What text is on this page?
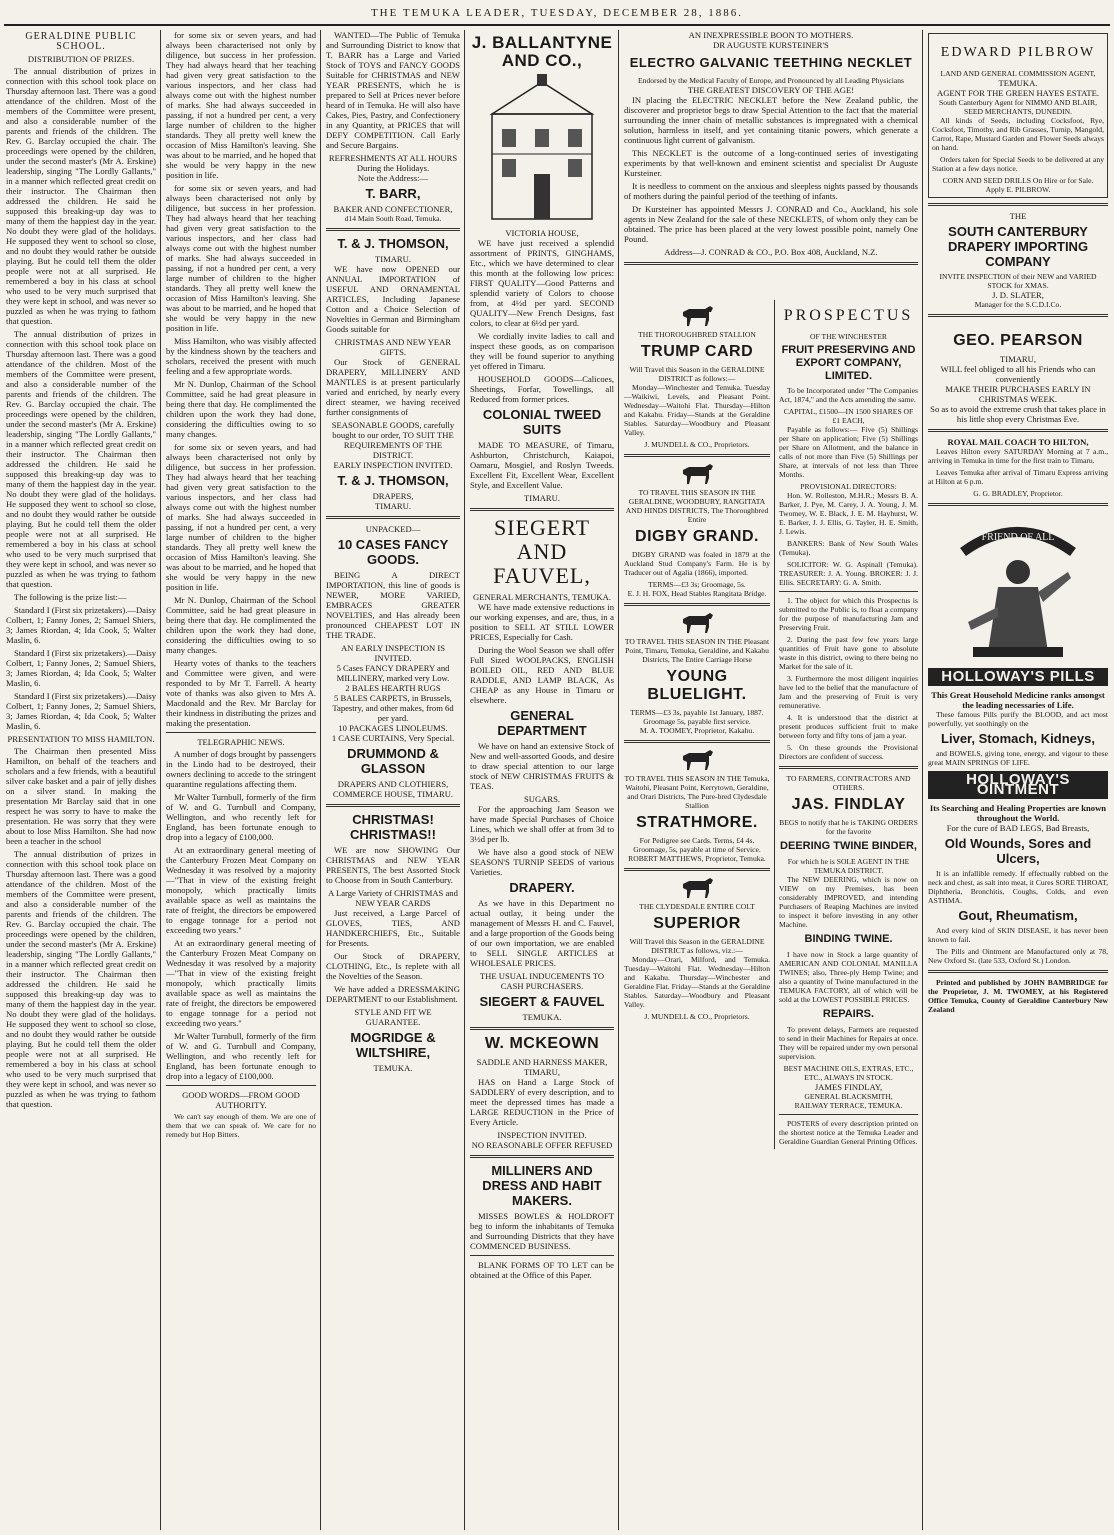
THE TEMUKA LEADER, TUESDAY, DECEMBER 28, 1886.
GERALDINE PUBLIC SCHOOL.
DISTRIBUTION OF PRIZES.

The annual distribution of prizes in connection with this school took place on Thursday afternoon last. There was a good attendance of the children. Most of the members of the Committee were present, and also a considerable number of the parents and friends of the children. The Rev. G. Barclay occupied the chair. The proceedings were opened by the children, under the second master's (Mr A. Erskine) leadership, singing "The Lordly Gallants," in a manner which reflected great credit on their instructor. The Chairman then addressed the children. He said he supposed this breaking-up day was to many of them the happiest day in the year. No doubt they were glad of the holidays. He supposed they went to school so close, and no doubt they would rather be outside playing. But he could tell them the older people were not at all surprised. He remembered a boy in his class at school who used to be very much surprised that they were kept in school, and was never so puzzled as when he was trying to fathom that question.

The annual distribution of prizes in connection with this school took place on Thursday afternoon last. There was a good attendance of the children. Most of the members of the Committee were present, and also a considerable number of the parents and friends of the children. The Rev. G. Barclay occupied the chair. The proceedings were opened by the children, under the second master's (Mr A. Erskine) leadership, singing "The Lordly Gallants," in a manner which reflected great credit on their instructor. The Chairman then addressed the children. He said he supposed this breaking-up day was to many of them the happiest day in the year. No doubt they were glad of the holidays. He supposed they went to school so close, and no doubt they would rather be outside playing. But he could tell them the older people were not at all surprised. He remembered a boy in his class at school who used to be very much surprised that they were kept in school, and was never so puzzled as when he was trying to fathom that question.

The following is the prize list:—

Standard I (First six prizetakers).—Daisy Colbert, 1; Fanny Jones, 2; Samuel Shiers, 3; James Riordan, 4; Ida Cook, 5; Walter Maslin, 6.

Standard I (First six prizetakers).—Daisy Colbert, 1; Fanny Jones, 2; Samuel Shiers, 3; James Riordan, 4; Ida Cook, 5; Walter Maslin, 6.

Standard I (First six prizetakers).—Daisy Colbert, 1; Fanny Jones, 2; Samuel Shiers, 3; James Riordan, 4; Ida Cook, 5; Walter Maslin, 6.

PRESENTATION TO MISS HAMILTON.

The Chairman then presented Miss Hamilton, on behalf of the teachers and scholars and a few friends, with a beautiful silver cake basket and a pair of jelly dishes on a silver stand. In making the presentation Mr Barclay said that in one respect he was sorry to have to make the presentation. He was sorry that they were about to lose Miss Hamilton. She had now been a teacher in the school

The annual distribution of prizes in connection with this school took place on Thursday afternoon last. There was a good attendance of the children. Most of the members of the Committee were present, and also a considerable number of the parents and friends of the children. The Rev. G. Barclay occupied the chair. The proceedings were opened by the children, under the second master's (Mr A. Erskine) leadership, singing "The Lordly Gallants," in a manner which reflected great credit on their instructor. The Chairman then addressed the children. He said he supposed this breaking-up day was to many of them the happiest day in the year. No doubt they were glad of the holidays. He supposed they went to school so close, and no doubt they would rather be outside playing. But he could tell them the older people were not at all surprised. He remembered a boy in his class at school who used to be very much surprised that they were kept in school, and was never so puzzled as when he was trying to fathom that question.

for some six or seven years, and had always been characterised not only by diligence, but success in her profession. They had always heard that her teaching had given very great satisfaction to the various inspectors, and her class had always come out with the highest number of marks. She had always succeeded in passing, if not a hundred per cent, a very large number of children to the higher standards. They all pretty well knew the occasion of Miss Hamilton's leaving. She was about to be married, and he hoped that she would be very happy in the new position in life.

for some six or seven years, and had always been characterised not only by diligence, but success in her profession. They had always heard that her teaching had given very great satisfaction to the various inspectors, and her class had always come out with the highest number of marks. She had always succeeded in passing, if not a hundred per cent, a very large number of children to the higher standards. They all pretty well knew the occasion of Miss Hamilton's leaving. She was about to be married, and he hoped that she would be very happy in the new position in life.

Miss Hamilton, who was visibly affected by the kindness shown by the teachers and scholars, received the present with much feeling and a few appropriate words.

Mr N. Dunlop, Chairman of the School Committee, said he had great pleasure in being there that day. He complimented the children upon the work they had done, considering the difficulties owing to so many changes.

for some six or seven years, and had always been characterised not only by diligence, but success in her profession. They had always heard that her teaching had given very great satisfaction to the various inspectors, and her class had always come out with the highest number of marks. She had always succeeded in passing, if not a hundred per cent, a very large number of children to the higher standards. They all pretty well knew the occasion of Miss Hamilton's leaving. She was about to be married, and he hoped that she would be very happy in the new position in life.

Mr N. Dunlop, Chairman of the School Committee, said he had great pleasure in being there that day. He complimented the children upon the work they had done, considering the difficulties owing to so many changes.

Hearty votes of thanks to the teachers and Committee were given, and were responded to by Mr T. Farrell. A hearty vote of thanks was also given to Mrs A. Macdonald and the Rev. Mr Barclay for their kindness in distributing the prizes and making the presentation.

TELEGRAPHIC NEWS.

A number of dogs brought by passengers in the Lindo had to be destroyed, their owners declining to accede to the stringent quarantine regulations affecting them.

Mr Walter Turnbull, formerly of the firm of W. and G. Turnbull and Company, Wellington, and who recently left for England, has been fortunate enough to drop into a legacy of £100,000.

At an extraordinary general meeting of the Canterbury Frozen Meat Company on Wednesday it was resolved by a majority—"That in view of the existing freight monopoly, which practically limits available space as well as maintains the rate of freight, the directors be empowered to engage tonnage for a period not exceeding two years."

At an extraordinary general meeting of the Canterbury Frozen Meat Company on Wednesday it was resolved by a majority—"That in view of the existing freight monopoly, which practically limits available space as well as maintains the rate of freight, the directors be empowered to engage tonnage for a period not exceeding two years."

Mr Walter Turnbull, formerly of the firm of W. and G. Turnbull and Company, Wellington, and who recently left for England, has been fortunate enough to drop into a legacy of £100,000.

GOOD WORDS—FROM GOOD AUTHORITY.

We can't say enough of them. We are one of them that we can speak of. We care for no remedy but Hop Bitters.

WANTED—The Public of Temuka and Surrounding District to know that T. BARR has a Large and Varied Stock of TOYS and FANCY GOODS Suitable for CHRISTMAS and NEW YEAR PRESENTS, which he is prepared to Sell at Prices never before heard of in Temuka. He will also have Cakes, Pies, Pastry, and Confectionery in any Quantity, at PRICES that will DEFY COMPETITION. Call Early and Secure Bargains.

REFRESHMENTS AT ALL HOURS During the Holidays.
Note the Address:—
T. BARR,
BAKER AND CONFECTIONER,
d14 Main South Road, Temuka.
T. & J. THOMSON,
TIMARU.

WE have now OPENED our ANNUAL IMPORTATION of USEFUL AND ORNAMENTAL ARTICLES, Including Japanese Cotton and a Choice Selection of Novelties in German and Birmingham Goods suitable for

CHRISTMAS AND NEW YEAR GIFTS.

Our Stock of GENERAL DRAPERY, MILLINERY AND MANTLES is at present particularly varied and enriched, by nearly every direct steamer, we having received further consignments of

SEASONABLE GOODS, carefully bought to our order, TO SUIT THE REQUIREMENTS OF THE DISTRICT.
EARLY INSPECTION INVITED.
T. & J. THOMSON,
DRAPERS,
TIMARU.
UNPACKED—
10 CASES FANCY GOODS.

BEING A DIRECT IMPORTATION, this line of goods is NEWER, MORE VARIED, EMBRACES GREATER NOVELTIES, and Has already been pronounced CHEAPEST LOT IN THE TRADE.

AN EARLY INSPECTION IS INVITED.
5 Cases FANCY DRAPERY and MILLINERY, marked very Low.
2 BALES HEARTH RUGS
5 BALES CARPETS, in Brussels, Tapestry, and other makes, from 6d per yard.
10 PACKAGES LINOLEUMS.
1 CASE CURTAINS, Very Special.
DRUMMOND & GLASSON
DRAPERS AND CLOTHIERS,
COMMERCE HOUSE, TIMARU.
CHRISTMAS! CHRISTMAS!!

WE are now SHOWING Our CHRISTMAS and NEW YEAR PRESENTS, The best Assorted Stock to Choose from in South Canterbury.

A Large Variety of CHRISTMAS and NEW YEAR CARDS

Just received, a Large Parcel of GLOVES, TIES, AND HANDKERCHIEFS, Etc., Suitable for Presents.

Our Stock of DRAPERY, CLOTHING, Etc., Is replete with all the Novelties of the Season.

We have added a DRESSMAKING DEPARTMENT to our Establishment.

STYLE AND FIT WE GUARANTEE.
MOGRIDGE & WILTSHIRE,
TEMUKA.
J. BALLANTYNE AND CO.,
VICTORIA HOUSE,

WE have just received a splendid assortment of PRINTS, GINGHAMS, Etc., which we have determined to clear this month at the following low prices: FIRST QUALITY—Good Patterns and splendid variety of Colors to choose from, at 4½d per yard. SECOND QUALITY—New French Designs, fast colors, to clear at 6½d per yard.

We cordially invite ladies to call and inspect these goods, as on comparison they will be found superior to anything yet offered in Timaru.

HOUSEHOLD GOODS—Calicoes, Sheetings, Forfar, Towellings, all Reduced from former prices.

COLONIAL TWEED SUITS

MADE TO MEASURE, of Timaru, Ashburton, Christchurch, Kaiapoi, Oamaru, Mosgiel, and Roslyn Tweeds. Excellent Fit, Excellent Wear, Excellent Style, and Excellent Value.

TIMARU.
SIEGERT AND FAUVEL,
GENERAL MERCHANTS, TEMUKA.

WE have made extensive reductions in our working expenses, and are, thus, in a position to SELL AT STILL LOWER PRICES, Especially for Cash.

During the Wool Season we shall offer Full Sized WOOLPACKS, ENGLISH BOILED OIL, RED AND BLUE RADDLE, AND LAMP BLACK, As CHEAP as any House in Timaru or elsewhere.

GENERAL DEPARTMENT

We have on hand an extensive Stock of New and well-assorted Goods, and desire to draw special attention to our large stock of NEW CHRISTMAS FRUITS & TEAS.

SUGARS.

For the approaching Jam Season we have made Special Purchases of Choice Lines, which we shall offer at from 3d to 3½d per lb.

We have also a good stock of NEW SEASON'S TURNIP SEEDS of various Varieties.

DRAPERY.

As we have in this Department no actual outlay, it being under the management of Messrs H. and C. Fauvel, and a large proportion of the Goods being of our own importation, we are enabled to SELL SINGLE ARTICLES at WHOLESALE PRICES.

THE USUAL INDUCEMENTS TO CASH PURCHASERS.
SIEGERT & FAUVEL
TEMUKA.
W. MCKEOWN
SADDLE AND HARNESS MAKER, TIMARU,

HAS on Hand a Large Stock of SADDLERY of every description, and to meet the depressed times has made a LARGE REDUCTION in the Price of Every Article.

INSPECTION INVITED.
NO REASONABLE OFFER REFUSED
MILLINERS AND DRESS AND HABIT MAKERS.

MISSES BOWLES & HOLDROFT beg to inform the inhabitants of Temuka and Surrounding Districts that they have COMMENCED BUSINESS.

BLANK FORMS OF TO LET can be obtained at the Office of this Paper.

AN INEXPRESSIBLE BOON TO MOTHERS.
DR AUGUSTE KURSTEINER'S
ELECTRO GALVANIC TEETHING NECKLET
Endorsed by the Medical Faculty of Europe, and Pronounced by all Leading Physicians
THE GREATEST DISCOVERY OF THE AGE!

IN placing the ELECTRIC NECKLET before the New Zealand public, the discoverer and proprietor begs to draw Special Attention to the fact that the material surrounding the inner chain of metallic substances is impregnated with a chemical solution, harmless in itself, and yet containing titanic powers, which generate a continuous light current of galvanism.

This NECKLET is the outcome of a long-continued series of investigating experiments by that well-known and eminent scientist and specialist Dr Auguste Kursteiner.

It is needless to comment on the anxious and sleepless nights passed by thousands of mothers during the painful period of the teething of infants.

Dr Kursteiner has appointed Messrs J. CONRAD and Co., Auckland, his sole agents in New Zealand for the sale of these NECKLETS, of whom only they can be obtained. The price has been placed at the very lowest possible point, namely One Pound.

Address—J. CONRAD & CO., P.O. Box 408, Auckland, N.Z.
THE THOROUGHBRED STALLION
TRUMP CARD
Will Travel this Season in the GERALDINE DISTRICT as follows:—

Monday—Winchester and Temuka. Tuesday—Waikiwi, Levels, and Pleasant Point. Wednesday—Waitohi Flat. Thursday—Hilton and Kakahu. Friday—Stands at the Geraldine Stables. Saturday—Woodbury and Pleasant Valley.

J. MUNDELL & CO., Proprietors.
TO TRAVEL THIS SEASON IN THE GERALDINE, WOODBURY, RANGITATA AND HINDS DISTRICTS, The Thoroughbred Entire
DIGBY GRAND.

DIGBY GRAND was foaled in 1879 at the Auckland Stud Company's Farm. He is by Traducer out of Agalia (1866), imported.

TERMS—£3 3s; Groomage, 5s.
E. J. H. FOX, Head Stables Rangitata Bridge.
TO TRAVEL THIS SEASON IN THE Pleasant Point, Timaru, Temuka, Geraldine, and Kakahu Districts, The Entire Carriage Horse
YOUNG BLUELIGHT.
TERMS—£3 3s, payable 1st January, 1887. Groomage 5s, payable first service.
M. A. TOOMEY, Proprietor, Kakahu.
TO TRAVEL THIS SEASON IN THE Temuka, Waitohi, Pleasant Point, Kerrytown, Geraldine, and Orari Districts, The Pure-bred Clydesdale Stallion
STRATHMORE.
For Pedigree see Cards. Terms, £4 4s. Groomage, 5s, payable at time of Service.
ROBERT MATTHEWS, Proprietor, Temuka.
THE CLYDESDALE ENTIRE COLT
SUPERIOR
Will Travel this Season in the GERALDINE DISTRICT as follows, viz.:—

Monday—Orari, Milford, and Temuka. Tuesday—Waitohi Flat. Wednesday—Hilton and Kakahu. Thursday—Winchester and Geraldine Flat. Friday—Stands at the Geraldine Stables. Saturday—Woodbury and Pleasant Valley.

J. MUNDELL & CO., Proprietors.
PROSPECTUS
OF THE WINCHESTER
FRUIT PRESERVING AND EXPORT COMPANY, LIMITED.

To be Incorporated under "The Companies Act, 1874," and the Acts amending the same.

CAPITAL, £1500—IN 1500 SHARES OF £1 EACH,

Payable as follows:— Five (5) Shillings per Share on application; Five (5) Shillings per Share on Allotment, and the balance in calls of not more than Five (5) Shillings per Share, at intervals of not less than Three Months.

PROVISIONAL DIRECTORS:

Hon. W. Rolleston, M.H.R.; Messrs B. A. Barker, J. Pye, M. Carey, J. A. Young, J. M. Twomey, W. E. Black, J. E. M. Hayhurst, W. E. Barker, J. J. Ellis, G. Tayler, H. E. Smith, J. Lewis.

BANKERS: Bank of New South Wales (Temuka).

SOLICITOR: W. G. Aspinall (Temuka). TREASURER: J. A. Young. BROKER: J. J. Ellis. SECRETARY: G. A. Smith.

1. The object for which this Prospectus is submitted to the Public is, to float a company for the purpose of manufacturing Jam and Preserving Fruit.

2. During the past few few years large quantities of Fruit have gone to absolute waste in this district, owing to there being no Market for the sale of it.

3. Furthermore the most diligent inquiries have led to the belief that the manufacture of Jam and the preserving of Fruit is very remunerative.

4. It is understood that the district at present produces sufficient fruit to make between forty and fifty tons of jam a year.

5. On these grounds the Provisional Directors are confident of success.

TO FARMERS, CONTRACTORS AND OTHERS.
JAS. FINDLAY
BEGS to notify that he is TAKING ORDERS for the favorite
DEERING TWINE BINDER,
For which he is SOLE AGENT IN THE TEMUKA DISTRICT.

The NEW DEERING, which is now on VIEW on my Premises, has been considerably IMPROVED, and intending Purchasers of Reaping Machines are invited to inspect it before investing in any other Machine.

BINDING TWINE.

I have now in Stock a large quantity of AMERICAN AND COLONIAL MANILLA TWINES; also, Three-ply Hemp Twine; and also a quantity of Twine manufactured in the TEMUKA FACTORY, all of which will be sold at the LOWEST POSSIBLE PRICES.

REPAIRS.

To prevent delays, Farmers are requested to send in their Machines for Repairs at once. They will be repaired under my own personal supervision.

BEST MACHINE OILS, EXTRAS, ETC., ETC., ALWAYS IN STOCK.
JAMES FINDLAY,
GENERAL BLACKSMITH,
RAILWAY TERRACE, TEMUKA.

POSTERS of every description printed on the shortest notice at the Temuka Leader and Geraldine Guardian General Printing Offices.

EDWARD PILBROW
LAND AND GENERAL COMMISSION AGENT,
TEMUKA.
AGENT FOR THE GREEN HAYES ESTATE.
South Canterbury Agent for NIMMO AND BLAIR, SEED MERCHANTS, DUNEDIN.

All kinds of Seeds, including Cocksfoot, Rye, Cocksfoot, Timothy, and Rib Grasses, Turnip, Mangold, Carrot, Rape, Mustard Garden and Flower Seeds always on hand.

Orders taken for Special Seeds to be delivered at any Station at a few days notice.

CORN AND SEED DRILLS On Hire or for Sale.
Apply E. PILBROW.
THE
SOUTH CANTERBURY DRAPERY IMPORTING COMPANY
INVITE INSPECTION of their NEW and VARIED STOCK for XMAS.
J. D. SLATER,
Manager for the S.C.D.I.Co.
GEO. PEARSON
TIMARU,
WILL feel obliged to all his Friends who can conveniently
MAKE THEIR PURCHASES EARLY IN CHRISTMAS WEEK.
So as to avoid the extreme crush that takes place in his little shop every Christmas Eve.
ROYAL MAIL COACH TO HILTON,

Leaves Hilton every SATURDAY Morning at 7 a.m., arriving in Temuka in time for the first train to Timaru.

Leaves Temuka after arrival of Timaru Express arriving at Hilton at 6 p.m.

G. G. BRADLEY, Proprietor.
FRIEND OF ALL
HOLLOWAY'S PILLS
This Great Household Medicine ranks amongst the leading necessaries of Life.

These famous Pills purify the BLOOD, and act most powerfully, yet soothingly on the

Liver, Stomach, Kidneys,

and BOWELS, giving tone, energy, and vigour to these great MAIN SPRINGS OF LIFE.

HOLLOWAY'S OINTMENT
Its Searching and Healing Properties are known throughout the World.
For the cure of BAD LEGS, Bad Breasts,
Old Wounds, Sores and Ulcers,

It is an infallible remedy. If effectually rubbed on the neck and chest, as salt into meat, it Cures SORE THROAT, Diphtheria, Bronchitis, Coughs, Colds, and even ASTHMA.

Gout, Rheumatism,

And every kind of SKIN DISEASE, it has never been known to fail.

The Pills and Ointment are Manufactured only at 78, New Oxford St. (late 533, Oxford St.) London.

Printed and published by JOHN BAMBRIDGE for the Proprietor, J. M. TWOMEY, at his Registered Office Temuka, County of Geraldine Canterbury New Zealand
